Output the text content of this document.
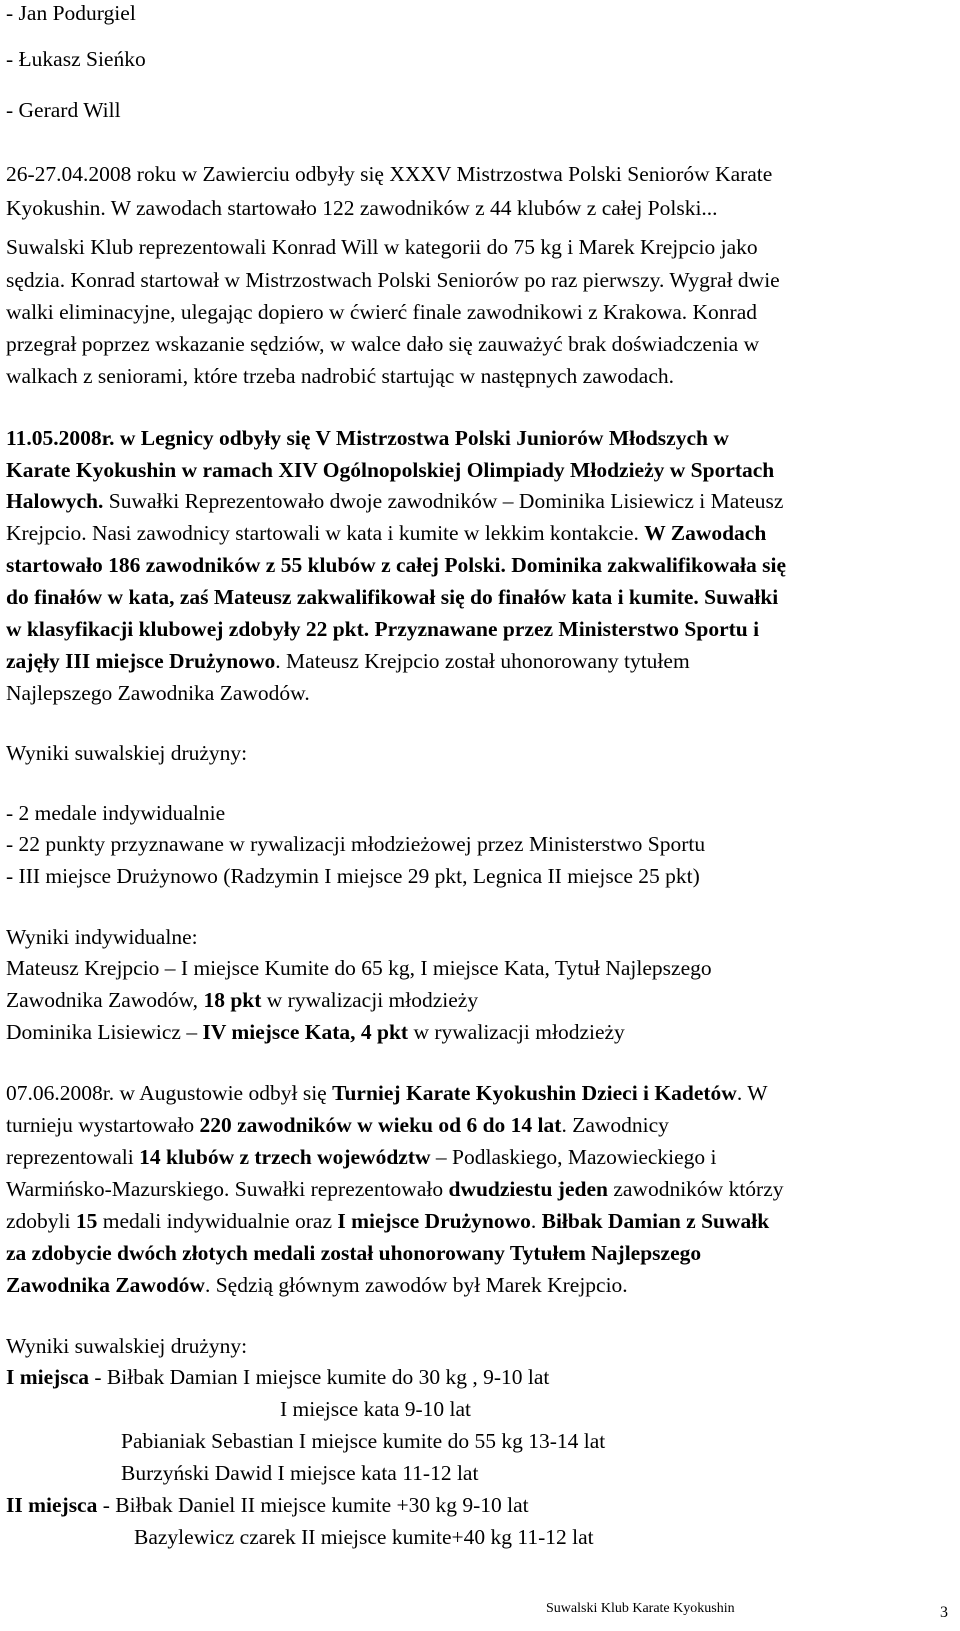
- Jan Podurgiel
- Łukasz Sieńko
- Gerard Will
26-27.04.2008 roku w Zawierciu odbyły się XXXV Mistrzostwa Polski Seniorów Karate
Kyokushin. W zawodach startowało 122 zawodników z 44 klubów z całej Polski...
Suwalski Klub reprezentowali Konrad Will w kategorii do 75 kg i Marek Krejpcio jako
sędzia. Konrad startował w Mistrzostwach Polski Seniorów po raz pierwszy. Wygrał dwie
walki eliminacyjne, ulegając dopiero w ćwierć finale zawodnikowi z Krakowa. Konrad
przegrał poprzez wskazanie sędziów, w walce dało się zauważyć brak doświadczenia w
walkach z seniorami, które trzeba nadrobić startując w następnych zawodach.
11.05.2008r. w Legnicy odbyły się V Mistrzostwa Polski Juniorów Młodszych w
Karate Kyokushin w ramach XIV Ogólnopolskiej Olimpiady Młodzieży w Sportach
Halowych. Suwałki Reprezentowało dwoje zawodników – Dominika Lisiewicz i Mateusz
Krejpcio. Nasi zawodnicy startowali w kata i kumite w lekkim kontakcie. W Zawodach
startowało 186 zawodników z 55 klubów z całej Polski. Dominika zakwalifikowała się
do finałów w kata, zaś Mateusz zakwalifikował się do finałów kata i kumite. Suwałki
w klasyfikacji klubowej zdobyły 22 pkt. Przyznawane przez Ministerstwo Sportu i
zajęły III miejsce Drużynowo. Mateusz Krejpcio został uhonorowany tytułem
Najlepszego Zawodnika Zawodów.
Wyniki suwalskiej drużyny:
- 2 medale indywidualnie
- 22 punkty przyznawane w rywalizacji młodzieżowej przez Ministerstwo Sportu
- III miejsce Drużynowo (Radzymin I miejsce 29 pkt, Legnica II miejsce 25 pkt)
Wyniki indywidualne:
Mateusz Krejpcio – I miejsce Kumite do 65 kg, I miejsce Kata, Tytuł Najlepszego
Zawodnika Zawodów, 18 pkt w rywalizacji młodzieży
Dominika Lisiewicz – IV miejsce Kata, 4 pkt w rywalizacji młodzieży
07.06.2008r. w Augustowie odbył się Turniej Karate Kyokushin Dzieci i Kadetów. W
turnieju wystartowało 220 zawodników w wieku od 6 do 14 lat. Zawodnicy
reprezentowali 14 klubów z trzech województw – Podlaskiego, Mazowieckiego i
Warmińsko-Mazurskiego. Suwałki reprezentowało dwudziestu jeden zawodników którzy
zdobyli 15 medali indywidualnie oraz I miejsce Drużynowo. Biłbak Damian z Suwałk
za zdobycie dwóch złotych medali został uhonorowany Tytułem Najlepszego
Zawodnika Zawodów. Sędzią głównym zawodów był Marek Krejpcio.
Wyniki suwalskiej drużyny:
I miejsca - Biłbak Damian I miejsce kumite do 30 kg , 9-10 lat
I miejsce kata 9-10 lat
Pabianiak Sebastian I miejsce kumite do 55 kg 13-14 lat
Burzyński Dawid I miejsce kata 11-12 lat
II miejsca - Biłbak Daniel II miejsce kumite +30 kg 9-10 lat
Bazylewicz czarek II miejsce kumite+40 kg 11-12 lat
Suwalski Klub Karate Kyokushin	3
